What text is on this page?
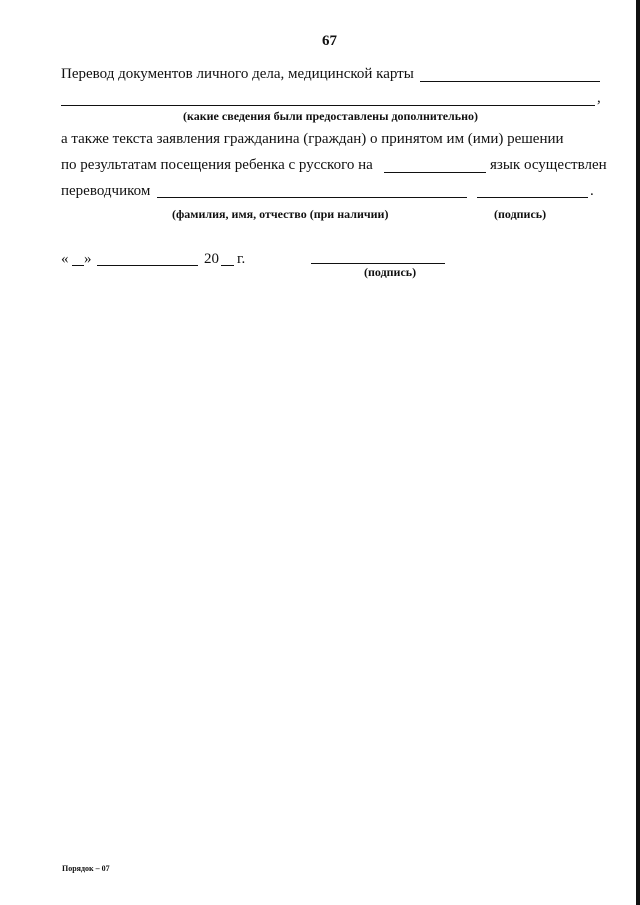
67
Перевод документов личного дела, медицинской карты
,
(какие сведения были предоставлены дополнительно)
а также текста заявления гражданина (граждан) о принятом им (ими) решении
по результатам посещения ребенка с русского на	язык осуществлен
переводчиком	.
(фамилия, имя, отчество (при наличии)	(подпись)
« »	20 г.
(подпись)
Порядок – 07
